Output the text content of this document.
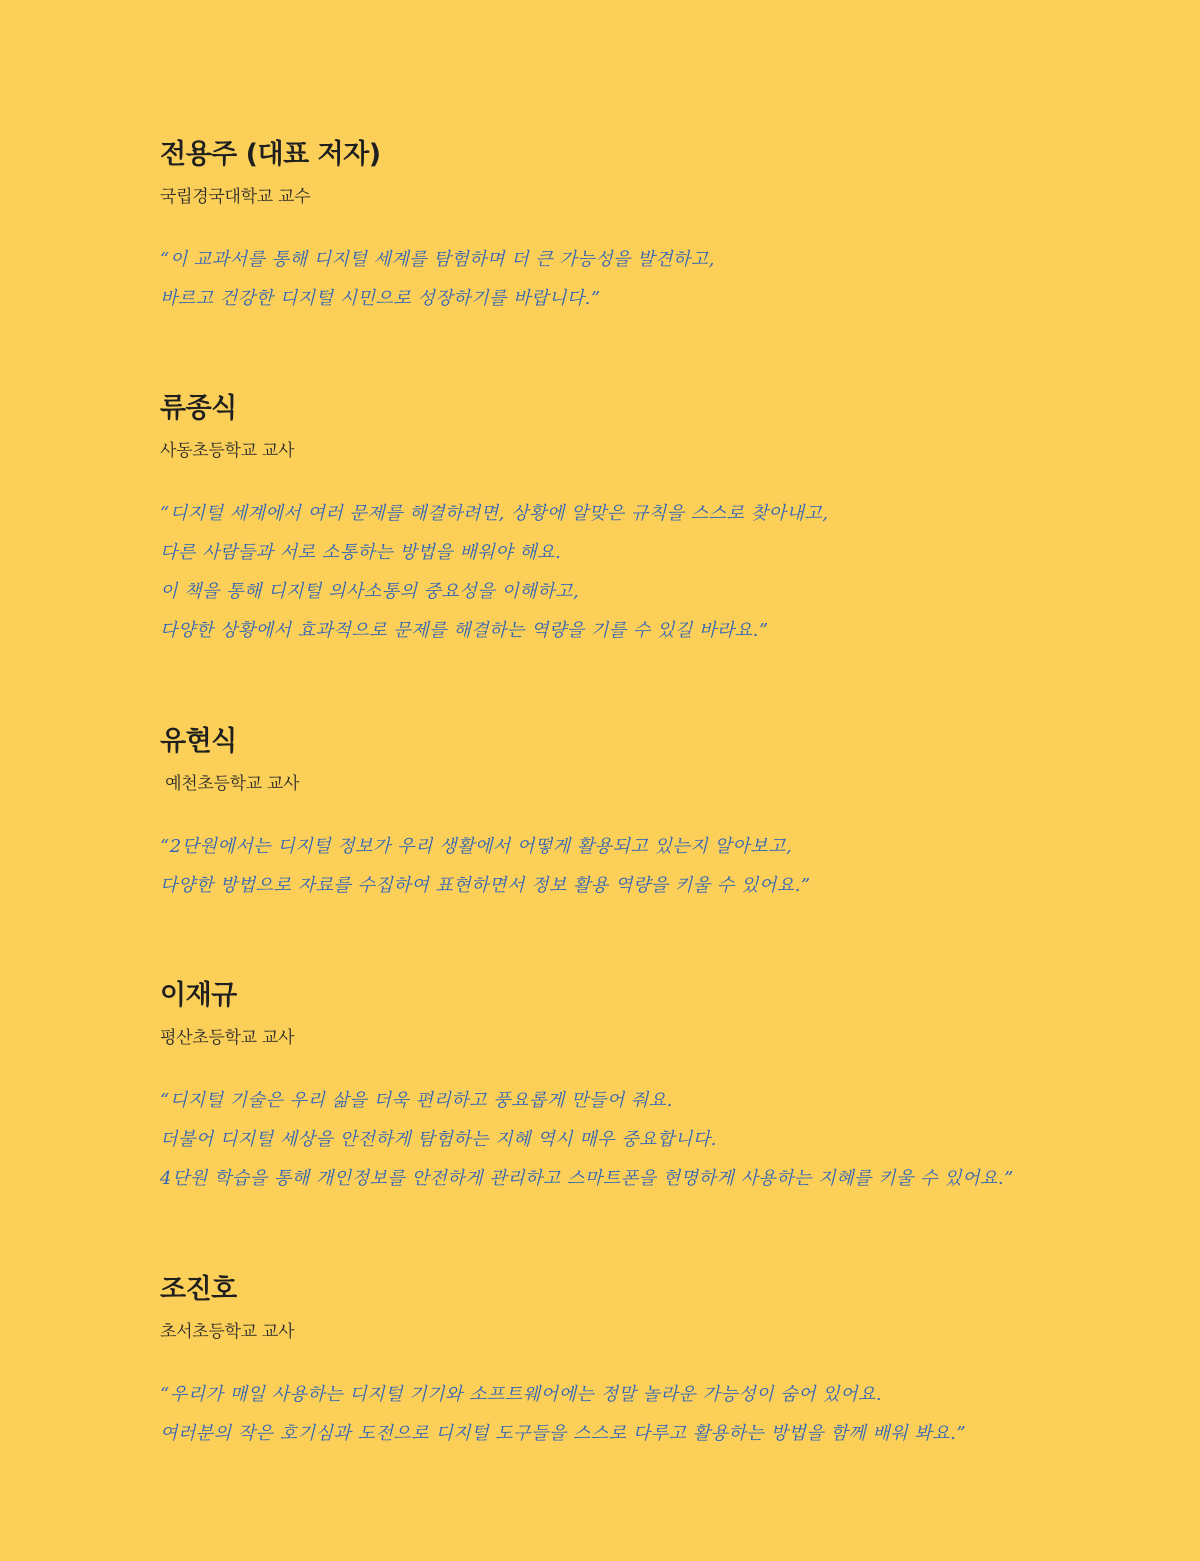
전용주 (대표 저자)
국립경국대학교 교수
“이 교과서를 통해 디지털 세계를 탐험하며 더 큰 가능성을 발견하고,
바르고 건강한 디지털 시민으로 성장하기를 바랍니다.”
류종식
사동초등학교 교사
“디지털 세계에서 여러 문제를 해결하려면, 상황에 알맞은 규칙을 스스로 찾아내고,
다른 사람들과 서로 소통하는 방법을 배워야 해요.
이 책을 통해 디지털 의사소통의 중요성을 이해하고,
다양한 상황에서 효과적으로 문제를 해결하는 역량을 기를 수 있길 바라요.”
유현식
예천초등학교 교사
“2단원에서는 디지털 정보가 우리 생활에서 어떻게 활용되고 있는지 알아보고,
다양한 방법으로 자료를 수집하여 표현하면서 정보 활용 역량을 키울 수 있어요.”
이재규
평산초등학교 교사
“디지털 기술은 우리 삶을 더욱 편리하고 풍요롭게 만들어 줘요.
더불어 디지털 세상을 안전하게 탐험하는 지혜 역시 매우 중요합니다.
4단원 학습을 통해 개인정보를 안전하게 관리하고 스마트폰을 현명하게 사용하는 지혜를 키울 수 있어요.”
조진호
초서초등학교 교사
“우리가 매일 사용하는 디지털 기기와 소프트웨어에는 정말 놀라운 가능성이 숨어 있어요.
여러분의 작은 호기심과 도전으로 디지털 도구들을 스스로 다루고 활용하는 방법을 함께 배워 봐요.”
